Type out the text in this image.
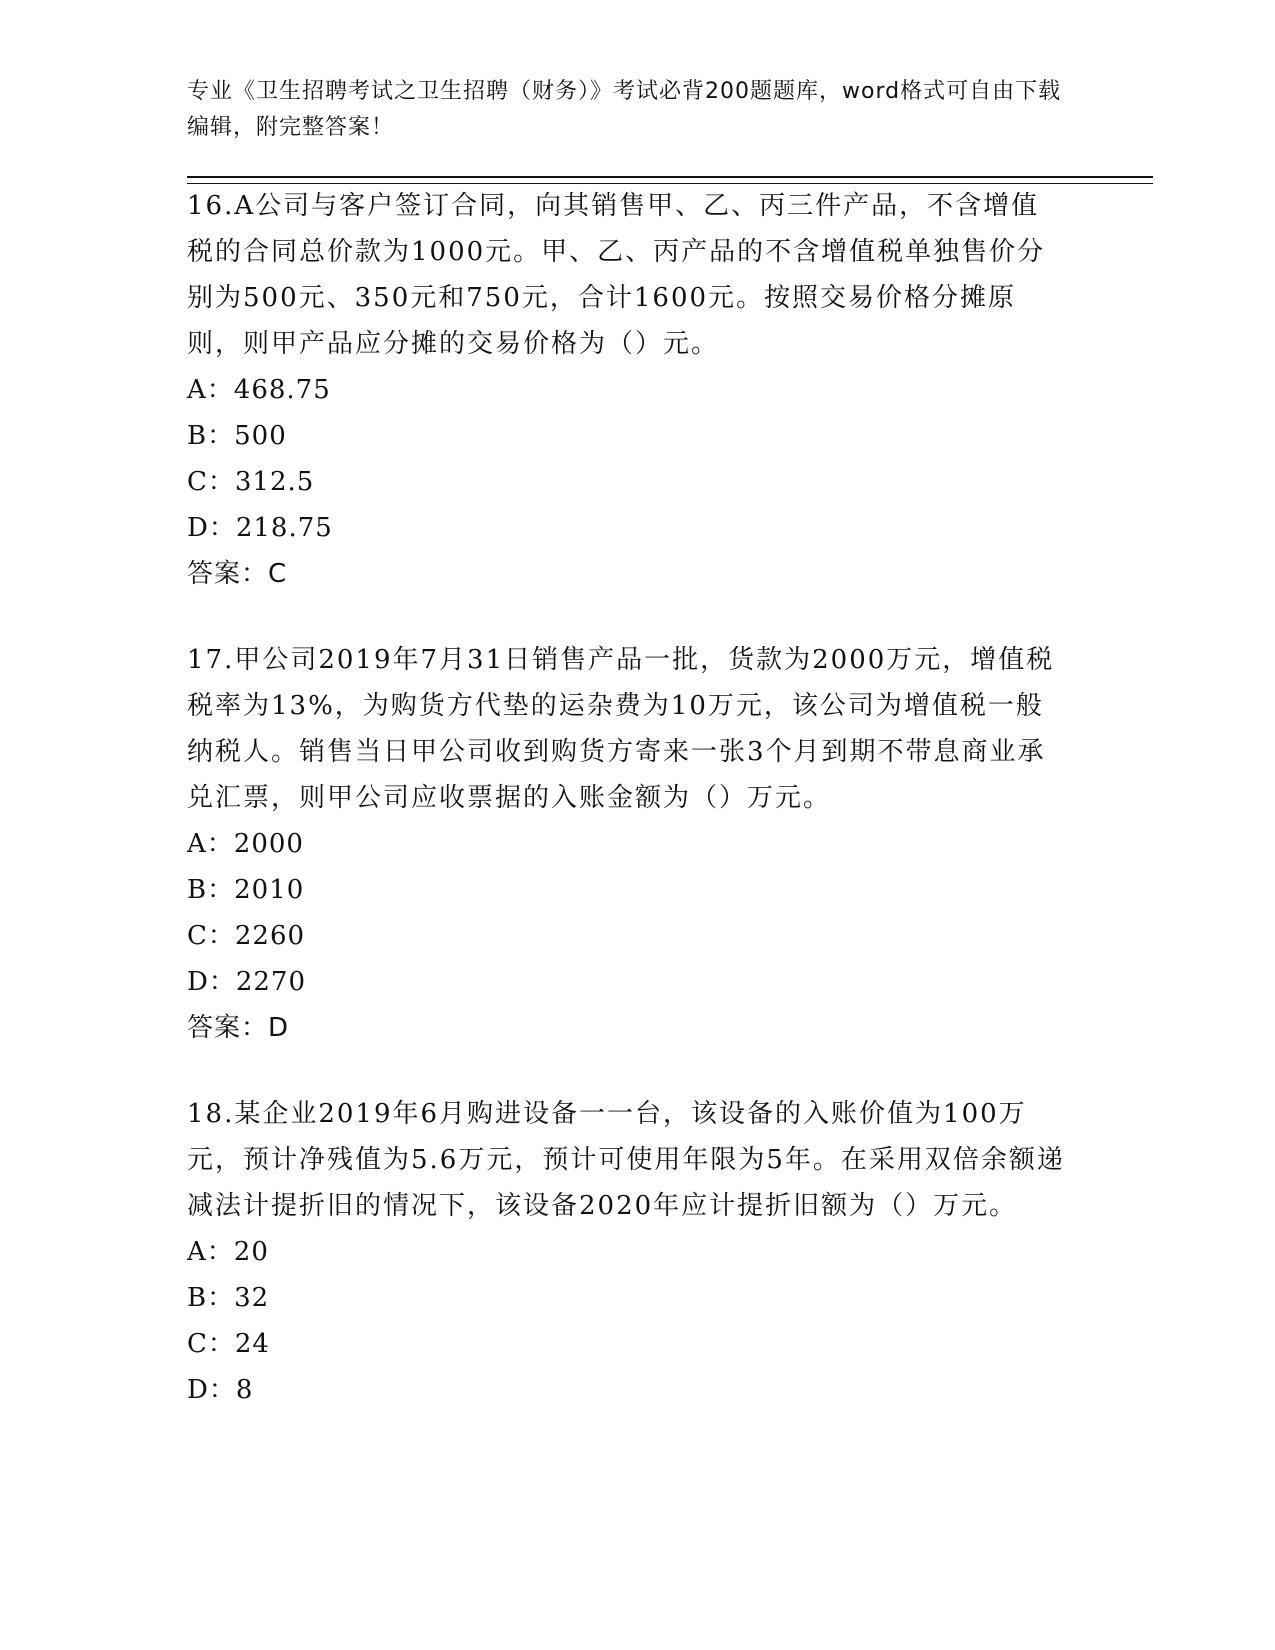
专业《卫生招聘考试之卫生招聘（财务）》考试必背200题题库，word格式可自由下载编辑，附完整答案！

16.A公司与客户签订合同，向其销售甲、乙、丙三件产品，不含增值税的合同总价款为1000元。甲、乙、丙产品的不含增值税单独售价分别为500元、350元和750元，合计1600元。按照交易价格分摊原则，则甲产品应分摊的交易价格为（）元。

A：468.75

B：500

C：312.5

D：218.75

答案：C

17.甲公司2019年7月31日销售产品一批，货款为2000万元，增值税税率为13%，为购货方代垫的运杂费为10万元，该公司为增值税一般纳税人。销售当日甲公司收到购货方寄来一张3个月到期不带息商业承兑汇票，则甲公司应收票据的入账金额为（）万元。

A：2000

B：2010

C：2260

D：2270

答案：D

18.某企业2019年6月购进设备一一台，该设备的入账价值为100万元，预计净残值为5.6万元，预计可使用年限为5年。在采用双倍余额递减法计提折旧的情况下，该设备2020年应计提折旧额为（）万元。

A：20

B：32

C：24

D：8
